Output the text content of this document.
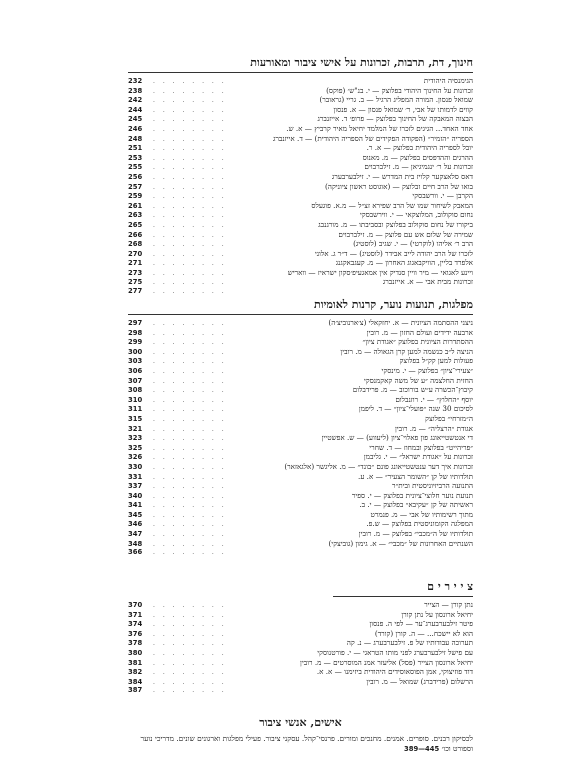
חינוך, דת, תרבות, זכרונות על אישי ציבור ומאורעות
הגימנסיה היהודית
. . . . . . . .
232
זכרונות על החינוך היהודי בפלוצק — י. בנ"ש׳ (פוקס)
. . . . . . . .
238
שמואל פנסון. המורה המפליג הרגיל — ב. גריי (גראובר)
. . . . . . . .
242
קווים לדמותו של אבי, ר׳ שמואל פנסון — א. פנסון
. . . . . . . .
244
הבצוה המאבקה של החינוך בפלוצק — פרופ׳ ד. אייזנברג
. . . . . . . .
245
אחד האחד... הגיגים לזכרו של המלמד יחיאל מאיר קרביץ — א. ש.
. . . . . . . .
246
הספריה ״הזמיר״ (הפקודה הפקידים של הספריה היהודית) — ד. אייזנברג
. . . . . . . .
248
יובל לספריה היהודית בפלוצק — א. ר.
. . . . . . . .
251
ההרגים וההדפסים בפלוצק — מ. מאנוס
. . . . . . . .
253
זכרונות על ר׳ ינגמיגיאן — מ. זילברבוים
. . . . . . . .
255
דאס סלאצקער קלויז בית המדרש — י. זילבערבערג
. . . . . . . .
256
בואו של הרב חיים זבלוצק — (אוגוסט ראשון ציוניקה)
. . . . . . . .
257
הקרבן — י. וורשבסקי
. . . . . . . .
259
המאבק לשיחור שמו של הרב שפירא זצ״ל — מ.א. פוגעלס
. . . . . . . .
261
נחום סוקולוב, המלוצקאי — י. ווירשבסקי
. . . . . . . .
263
ביקורו של נחום סוקולוב בפלוצק ובסביבתו — מ. מורגנבג
. . . . . . . .
265
שמירה של שלום אש עם פלוצק — מ. זילברבוים
. . . . . . . .
266
הרב ר׳ אליהו (לוקרטי) — י. שגיב (לוסטיג)
. . . . . . . .
268
לזכרו של הרב יהודה לייב אבידר (לוסטיג) — ד״ר ג. אלוני
. . . . . . . .
270
אלפרד בליין, הוויקבאגוג האחרון — מ. קעגבאקגנג
. . . . . . . .
271
ויינע לאגואי — מיר וויין סנדיק אין אמאגעיפ׳סקון ישראיז — וואריש
. . . . . . . .
273
זכרונות מבית אבי — א. אייזנברג
. . . . . . . .
275
. . . . . . . .
277
מפלגות, תנועות נוער, קרנות לאומיות
ניצני ההסתמה הציונית — א. יחזקאלי (צ׳ארנוביצ׳ה)
. . . . . . . .
297
ארבעה ידידים ועולם החזון — מ. רובין
. . . . . . . .
298
ההסתדרות הציונית בפלוצק ״אגודת ציון״
. . . . . . . .
299
הניצה ל״ב כנשמה למען קרן הגאולה — מ. רובין
. . . . . . . .
300
פעולות למען קק״ל בפלוצק
. . . . . . . .
303
״צעירי־ציון״ בפלוצק — י. מינסקי
. . . . . . . .
306
החזית החלצמה ״ע של משה קאקמנסקי
. . . . . . . .
307
קיבוץ־הכשרה ע״ש בורוכוב — מ. פרידבלום
. . . . . . . .
308
יוסף ״החלוץ״ — י. רוזנבלום
. . . . . . . .
310
לסיכום 30 שנה ״פועלי־ציון״ — ד. ליפמן
. . . . . . . .
311
ה״מזרחי״ בפלוצק
. . . . . . . .
315
אגודת ״הרצליה״ — מ. רובין
. . . . . . . .
321
די אנטשטייאונג פון פאלוי־ציון (ליעווע) — ש. אפשטיין
. . . . . . . .
323
״פריהייט״ בפלוצק ובמחוז — ד. שחרי
. . . . . . . .
325
זכרונות על ״אגודת ישראל״ — י. גליבמן
. . . . . . . .
326
זכרונות איך דער ענטשטייאונג פונם ״בונד״ — מ. אליגשר (אלגאזאר)
. . . . . . . .
330
תולדותיו של קן ״השומר הצעיר״ — א. ע.
. . . . . . . .
331
התנועה הרביזיוניסטית ובית״ר
. . . . . . . .
337
תנועת נוער חלוצי־ציונית בפלוצק — י. ספיר
. . . . . . . .
340
ראשיתה של קן ״עקיבא״ בפלוצק — י. ב.
. . . . . . . .
341
מתוך רשימותיו של אבי — מ. פנמרט
. . . . . . . .
345
המפלגה הקומוניסטית בפלוצק — ש.פ.
. . . . . . . .
346
תולדותיו של ה״מכבי״ בפלוצק — מ. רובין
. . . . . . . .
347
השנתיים האחרונות של ״מכבי״ — א. גימון (גוביצקי)
. . . . . . . .
348
. . . . . . . .
366
צ י י ר י ם
נתן קורן — הצייר
. . . . . . . .
370
יחיאל ארונסון על נתן קורן
. . . . . . . .
371
פיטר זילבערבערג־ער — לפי ה. פנסון
. . . . . . . .
374
הוא לא יישכח... — ה. קורן (קורד)
. . . . . . . .
376
תערוכה עבודותיו של פ. זילבערבערג — נ. קה
. . . . . . . .
378
עם פישל זילבערבערג לפני מותו הטראגי — י. פורטנוסקי
. . . . . . . .
380
יחיאל ארונסון הצייר (פסל) אליעזר אמנ המוסרטים — מ. רובין
. . . . . . . .
381
דוד פוזיצוקי, אמן הפוסאוסידים היהודית ביזימנו — א. א.
. . . . . . . .
382
הרשלום (פרידברג) שמואל — מ. רובין
. . . . . . . .
384
. . . . . . . .
387
אישים, אנשי ציבור
לכסיקון רבנים. סופרים. אמנים. מחנכים ומורים. פרנסי־קהל. עסקני ציבור. פעילי מפלגות וארגונים שונים. מדריכי נוער וספורט וכו׳ 389—445
